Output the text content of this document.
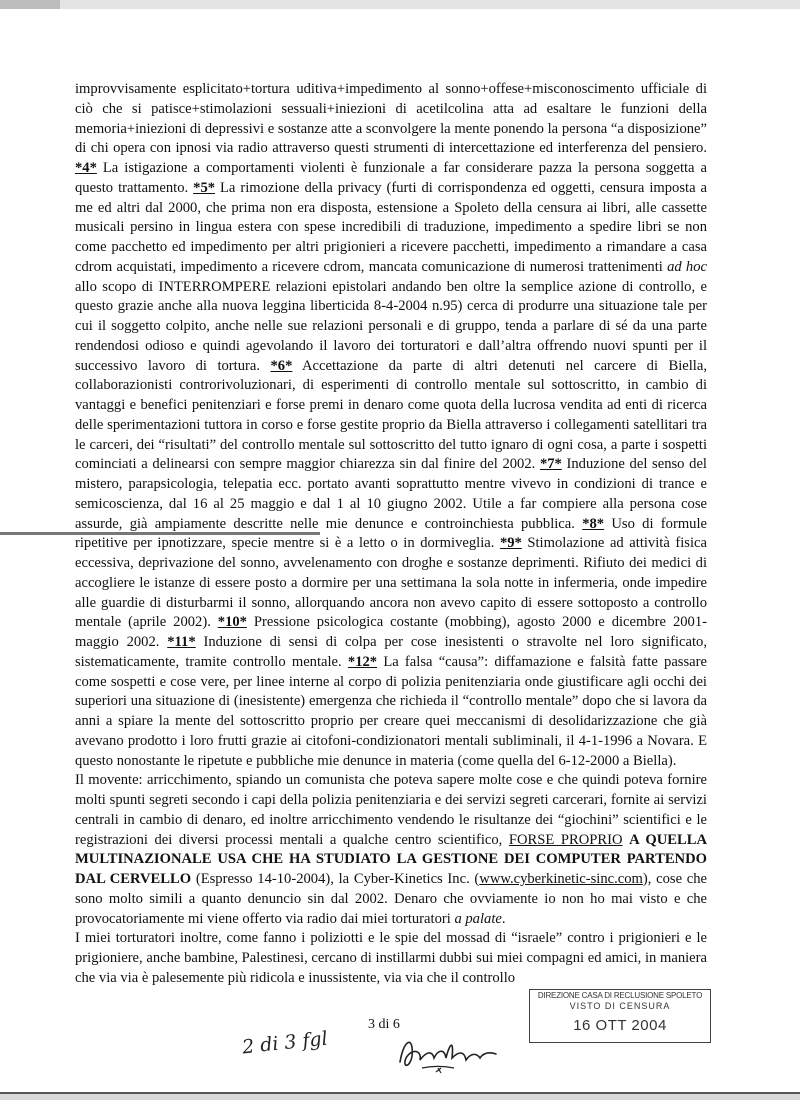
improvvisamente esplicitato+tortura uditiva+impedimento al sonno+offese+misconoscimento ufficiale di ciò che si patisce+stimolazioni sessuali+iniezioni di acetilcolina atta ad esaltare le funzioni della memoria+iniezioni di depressivi e sostanze atte a sconvolgere la mente ponendo la persona “a disposizione” di chi opera con ipnosi via radio attraverso questi strumenti di intercettazione ed interferenza del pensiero. *4* La istigazione a comportamenti violenti è funzionale a far considerare pazza la persona soggetta a questo trattamento. *5* La rimozione della privacy (furti di corrispondenza ed oggetti, censura imposta a me ed altri dal 2000, che prima non era disposta, estensione a Spoleto della censura ai libri, alle cassette musicali persino in lingua estera con spese incredibili di traduzione, impedimento a spedire libri se non come pacchetto ed impedimento per altri prigionieri a ricevere pacchetti, impedimento a rimandare a casa cdrom acquistati, impedimento a ricevere cdrom, mancata comunicazione di numerosi trattenimenti ad hoc allo scopo di INTERROMPERE relazioni epistolari andando ben oltre la semplice azione di controllo, e questo grazie anche alla nuova leggina liberticida 8-4-2004 n.95) cerca di produrre una situazione tale per cui il soggetto colpito, anche nelle sue relazioni personali e di gruppo, tenda a parlare di sé da una parte rendendosi odioso e quindi agevolando il lavoro dei torturatori e dall’altra offrendo nuovi spunti per il successivo lavoro di tortura. *6* Accettazione da parte di altri detenuti nel carcere di Biella, collaborazionisti controrivoluzionari, di esperimenti di controllo mentale sul sottoscritto, in cambio di vantaggi e benefici penitenziari e forse premi in denaro come quota della lucrosa vendita ad enti di ricerca delle sperimentazioni tuttora in corso e forse gestite proprio da Biella attraverso i collegamenti satellitari tra le carceri, dei “risultati” del controllo mentale sul sottoscritto del tutto ignaro di ogni cosa, a parte i sospetti cominciati a delinearsi con sempre maggior chiarezza sin dal finire del 2002. *7* Induzione del senso del mistero, parapsicologia, telepatia ecc. portato avanti soprattutto mentre vivevo in condizioni di trance e semicoscienza, dal 16 al 25 maggio e dal 1 al 10 giugno 2002. Utile a far compiere alla persona cose assurde, già ampiamente descritte nelle mie denunce e controinchiesta pubblica. *8* Uso di formule ripetitive per ipnotizzare, specie mentre si è a letto o in dormiveglia. *9* Stimolazione ad attività fisica eccessiva, deprivazione del sonno, avvelenamento con droghe e sostanze deprimenti. Rifiuto dei medici di accogliere le istanze di essere posto a dormire per una settimana la sola notte in infermeria, onde impedire alle guardie di disturbarmi il sonno, allorquando ancora non avevo capito di essere sottoposto a controllo mentale (aprile 2002). *10* Pressione psicologica costante (mobbing), agosto 2000 e dicembre 2001-maggio 2002. *11* Induzione di sensi di colpa per cose inesistenti o stravolte nel loro significato, sistematicamente, tramite controllo mentale. *12* La falsa “causa”: diffamazione e falsità fatte passare come sospetti e cose vere, per linee interne al corpo di polizia penitenziaria onde giustificare agli occhi dei superiori una situazione di (inesistente) emergenza che richieda il “controllo mentale” dopo che si lavora da anni a spiare la mente del sottoscritto proprio per creare quei meccanismi di desolidarizzazione che già avevano prodotto i loro frutti grazie ai citofoni-condizionatori mentali subliminali, il 4-1-1996 a Novara. E questo nonostante le ripetute e pubbliche mie denunce in materia (come quella del 6-12-2000 a Biella).

Il movente: arricchimento, spiando un comunista che poteva sapere molte cose e che quindi poteva fornire molti spunti segreti secondo i capi della polizia penitenziaria e dei servizi segreti carcerari, fornite ai servizi centrali in cambio di denaro, ed inoltre arricchimento vendendo le risultanze dei “giochini” scientifici e le registrazioni dei diversi processi mentali a qualche centro scientifico, FORSE PROPRIO A QUELLA MULTINAZIONALE USA CHE HA STUDIATO LA GESTIONE DEI COMPUTER PARTENDO DAL CERVELLO (Espresso 14-10-2004), la Cyber-Kinetics Inc. (www.cyberkinetic-sinc.com), cose che sono molto simili a quanto denuncio sin dal 2002. Denaro che ovviamente io non ho mai visto e che provocatoriamente mi viene offerto via radio dai miei torturatori a palate.

I miei torturatori inoltre, come fanno i poliziotti e le spie del mossad di “israele” contro i prigionieri e le prigioniere, anche bambine, Palestinesi, cercano di instillarmi dubbi sui miei compagni ed amici, in maniera che via via è palesemente più ridicola e inussistente, via via che il controllo

DIREZIONE CASA DI RECLUSIONE SPOLETO
VISTO DI CENSURA
16 OTT 2004
3 di 6
2 di 3 fgl
